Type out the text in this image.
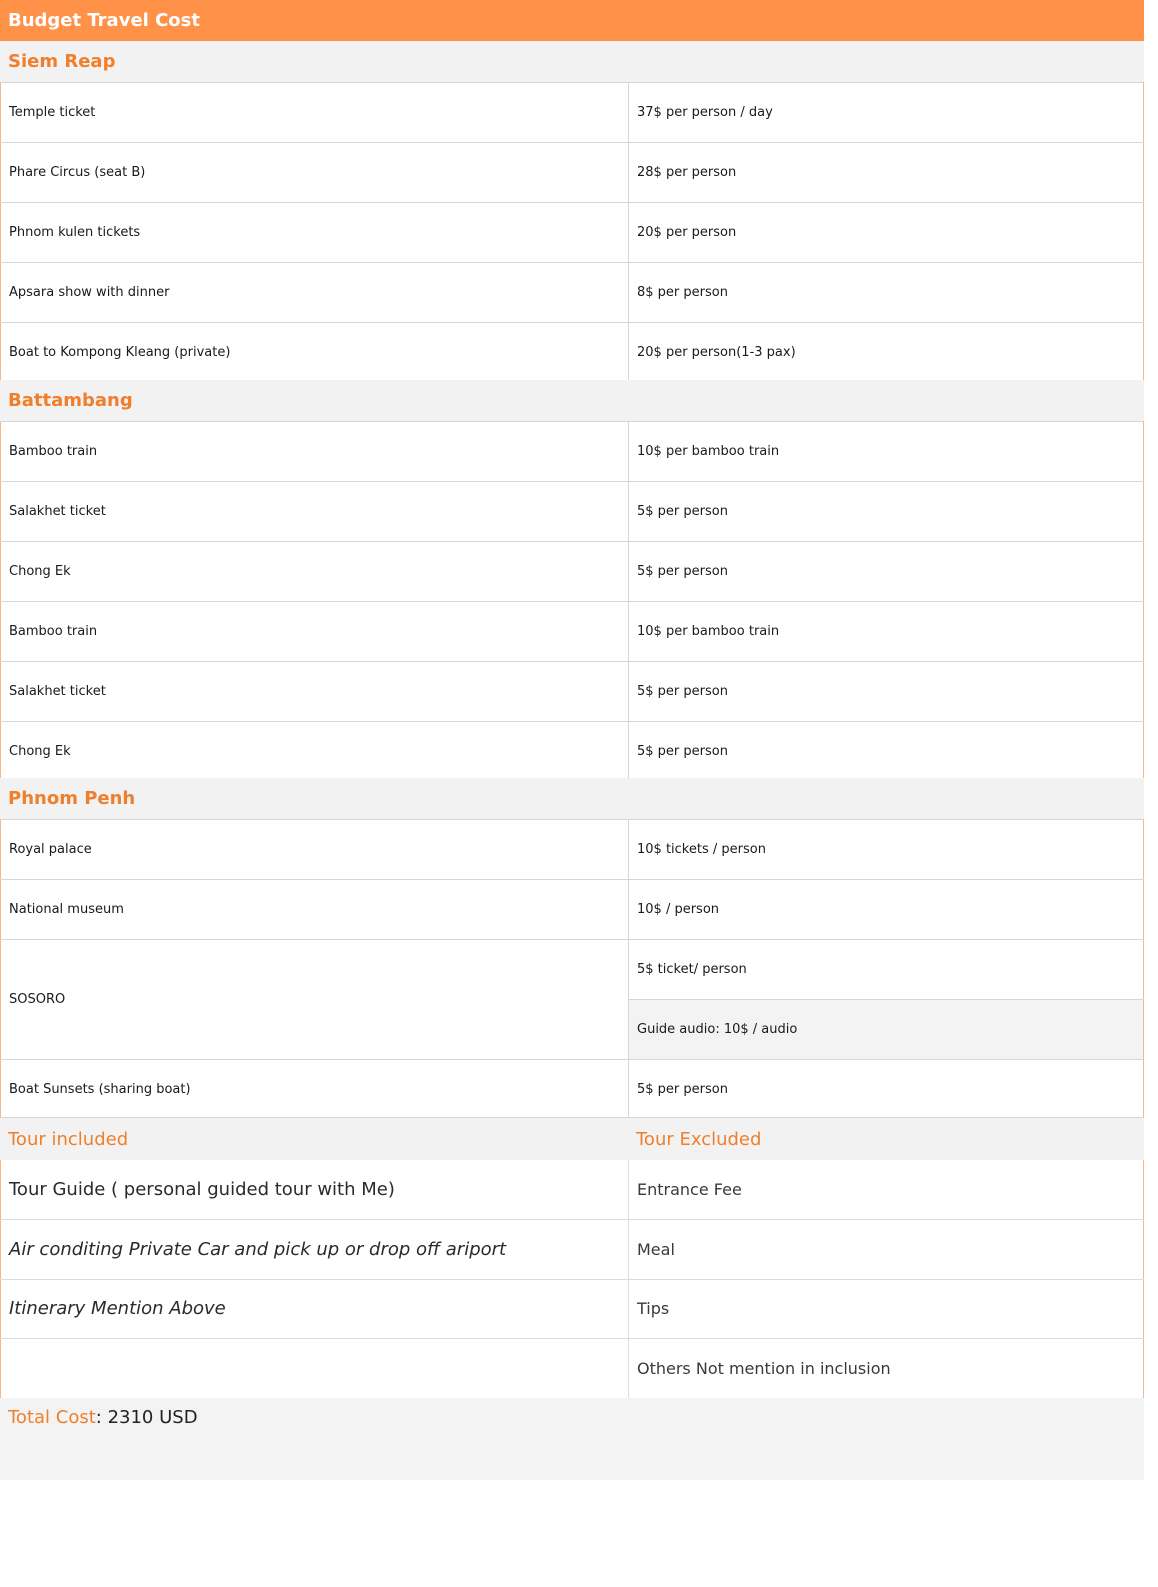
Budget Travel Cost
Siem Reap
Temple ticket	37$ per person / day
Phare Circus (seat B)	28$ per person
Phnom kulen tickets	20$ per person
Apsara show with dinner	8$ per person
Boat to Kompong Kleang (private)	20$ per person(1-3 pax)
Battambang
Bamboo train	10$ per bamboo train
Salakhet ticket	5$ per person
Chong Ek	5$ per person
Bamboo train	10$ per bamboo train
Salakhet ticket	5$ per person
Chong Ek	5$ per person
Phnom Penh
Royal palace	10$ tickets / person
National museum	10$ / person
SOSORO	5$ ticket/ person
	Guide audio: 10$ / audio
Boat Sunsets (sharing boat)	5$ per person
Tour included	Tour Excluded
Tour Guide ( personal guided tour with Me)	Entrance Fee
Air conditing Private Car and pick up or drop off ariport	Meal
Itinerary Mention Above	Tips
	Others Not mention in inclusion
Total Cost: 2310 USD
